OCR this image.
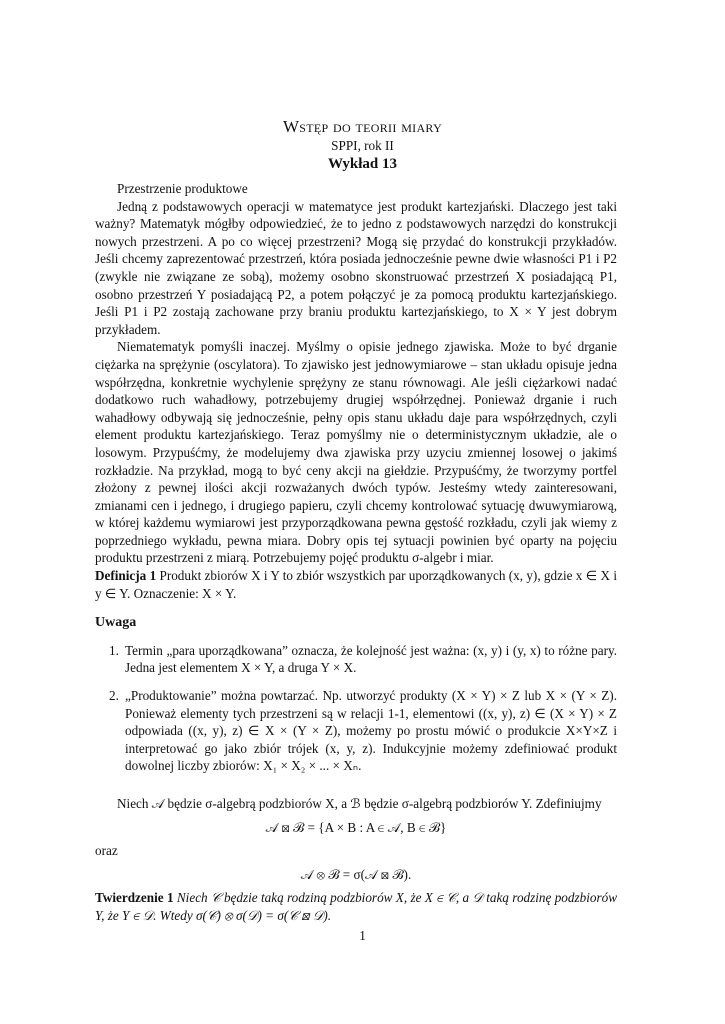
Wstęp do teorii miary
SPPI, rok II
Wykład 13

Przestrzenie produktowe

Jedną z podstawowych operacji w matematyce jest produkt kartezjański. Dlaczego jest taki ważny? Matematyk mógłby odpowiedzieć, że to jedno z podstawowych narzędzi do konstrukcji nowych przestrzeni. A po co więcej przestrzeni? Mogą się przydać do konstrukcji przykładów. Jeśli chcemy zaprezentować przestrzeń, która posiada jednocześnie pewne dwie własności P1 i P2 (zwykle nie związane ze sobą), możemy osobno skonstruować przestrzeń X posiadającą P1, osobno przestrzeń Y posiadającą P2, a potem połączyć je za pomocą produktu kartezjańskiego. Jeśli P1 i P2 zostają zachowane przy braniu produktu kartezjańskiego, to X × Y jest dobrym przykładem.

Niematematyk pomyśli inaczej. Myślmy o opisie jednego zjawiska. Może to być drganie ciężarka na sprężynie (oscylatora). To zjawisko jest jednowymiarowe – stan układu opisuje jedna współrzędna, konkretnie wychylenie sprężyny ze stanu równowagi. Ale jeśli ciężarkowi nadać dodatkowo ruch wahadłowy, potrzebujemy drugiej współrzędnej. Ponieważ drganie i ruch wahadłowy odbywają się jednocześnie, pełny opis stanu układu daje para współrzędnych, czyli element produktu kartezjańskiego. Teraz pomyślmy nie o deterministycznym układzie, ale o losowym. Przypuśćmy, że modelujemy dwa zjawiska przy uzyciu zmiennej losowej o jakimś rozkładzie. Na przykład, mogą to być ceny akcji na giełdzie. Przypuśćmy, że tworzymy portfel złożony z pewnej ilości akcji rozważanych dwóch typów. Jesteśmy wtedy zainteresowani, zmianami cen i jednego, i drugiego papieru, czyli chcemy kontrolować sytuację dwuwymiarową, w której każdemu wymiarowi jest przyporządkowana pewna gęstość rozkładu, czyli jak wiemy z poprzedniego wykładu, pewna miara. Dobry opis tej sytuacji powinien być oparty na pojęciu produktu przestrzeni z miarą. Potrzebujemy pojęć produktu σ-algebr i miar.

Definicja 1 Produkt zbiorów X i Y to zbiór wszystkich par uporządkowanych (x, y), gdzie x ∈ X i y ∈ Y. Oznaczenie: X × Y.

Uwaga

1. Termin „para uporządkowana” oznacza, że kolejność jest ważna: (x, y) i (y, x) to różne pary. Jedna jest elementem X × Y, a druga Y × X.
2. „Produktowanie” można powtarzać. Np. utworzyć produkty (X × Y) × Z lub X × (Y × Z). Ponieważ elementy tych przestrzeni są w relacji 1-1, elementowi ((x, y), z) ∈ (X × Y) × Z odpowiada ((x, y), z) ∈ X × (Y × Z), możemy po prostu mówić o produkcie X×Y×Z i interpretować go jako zbiór trójek (x, y, z). Indukcyjnie możemy zdefiniować produkt dowolnej liczby zbiorów: X₁ × X₂ × ... × Xₙ.

Niech 𝒜 będzie σ-algebrą podzbiorów X, a ℬ będzie σ-algebrą podzbiorów Y. Zdefiniujmy

𝒜 ⊠ ℬ = {A × B : A ∈ 𝒜, B ∈ ℬ}

oraz

𝒜 ⊗ ℬ = σ(𝒜 ⊠ ℬ).

Twierdzenie 1 Niech 𝒞 będzie taką rodziną podzbiorów X, że X ∈ 𝒞, a 𝒟 taką rodzinę podzbiorów Y, że Y ∈ 𝒟. Wtedy σ(𝒞) ⊗ σ(𝒟) = σ(𝒞 ⊠ 𝒟).

1
